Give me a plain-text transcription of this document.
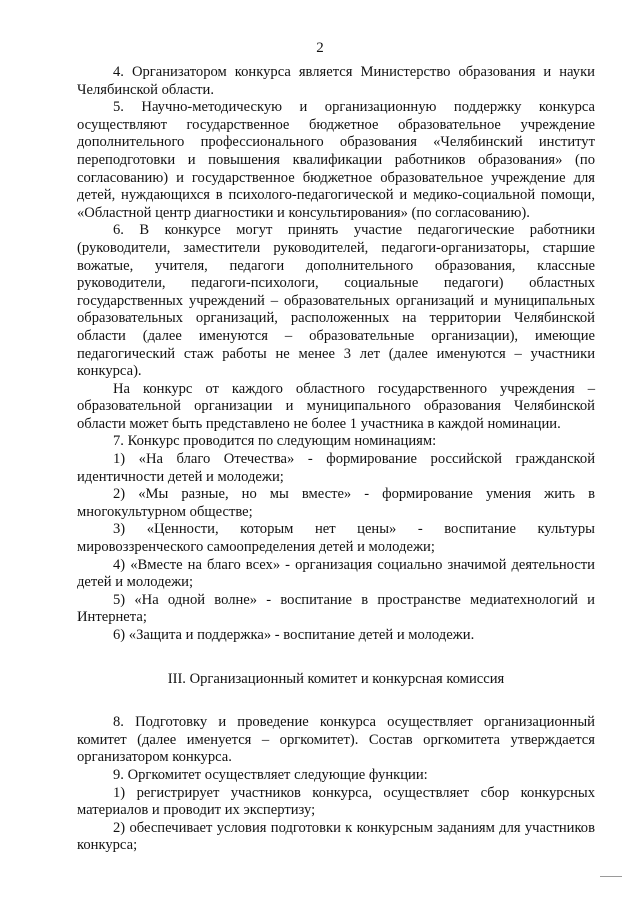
2

4. Организатором конкурса является Министерство образования и науки Челябинской области.

5. Научно-методическую и организационную поддержку конкурса осуществляют государственное бюджетное образовательное учреждение дополнительного профессионального образования «Челябинский институт переподготовки и повышения квалификации работников образования» (по согласованию) и государственное бюджетное образовательное учреждение для детей, нуждающихся в психолого-педагогической и медико-социальной помощи, «Областной центр диагностики и консультирования» (по согласованию).

6. В конкурсе могут принять участие педагогические работники (руководители, заместители руководителей, педагоги-организаторы, старшие вожатые, учителя, педагоги дополнительного образования, классные руководители, педагоги-психологи, социальные педагоги) областных государственных учреждений – образовательных организаций и муниципальных образовательных организаций, расположенных на территории Челябинской области (далее именуются – образовательные организации), имеющие педагогический стаж работы не менее 3 лет (далее именуются – участники конкурса).

На конкурс от каждого областного государственного учреждения – образовательной организации и муниципального образования Челябинской области может быть представлено не более 1 участника в каждой номинации.

7. Конкурс проводится по следующим номинациям:

1) «На благо Отечества» - формирование российской гражданской идентичности детей и молодежи;

2) «Мы разные, но мы вместе» - формирование умения жить в многокультурном обществе;

3) «Ценности, которым нет цены» - воспитание культуры мировоззренческого самоопределения детей и молодежи;

4) «Вместе на благо всех» - организация социально значимой деятельности детей и молодежи;

5) «На одной волне» - воспитание в пространстве медиатехнологий и Интернета;

6) «Защита и поддержка» - воспитание детей и молодежи.

III. Организационный комитет и конкурсная комиссия

8. Подготовку и проведение конкурса осуществляет организационный комитет (далее именуется – оргкомитет). Состав оргкомитета утверждается организатором конкурса.

9. Оргкомитет осуществляет следующие функции:

1) регистрирует участников конкурса, осуществляет сбор конкурсных материалов и проводит их экспертизу;

2) обеспечивает условия подготовки к конкурсным заданиям для участников конкурса;
